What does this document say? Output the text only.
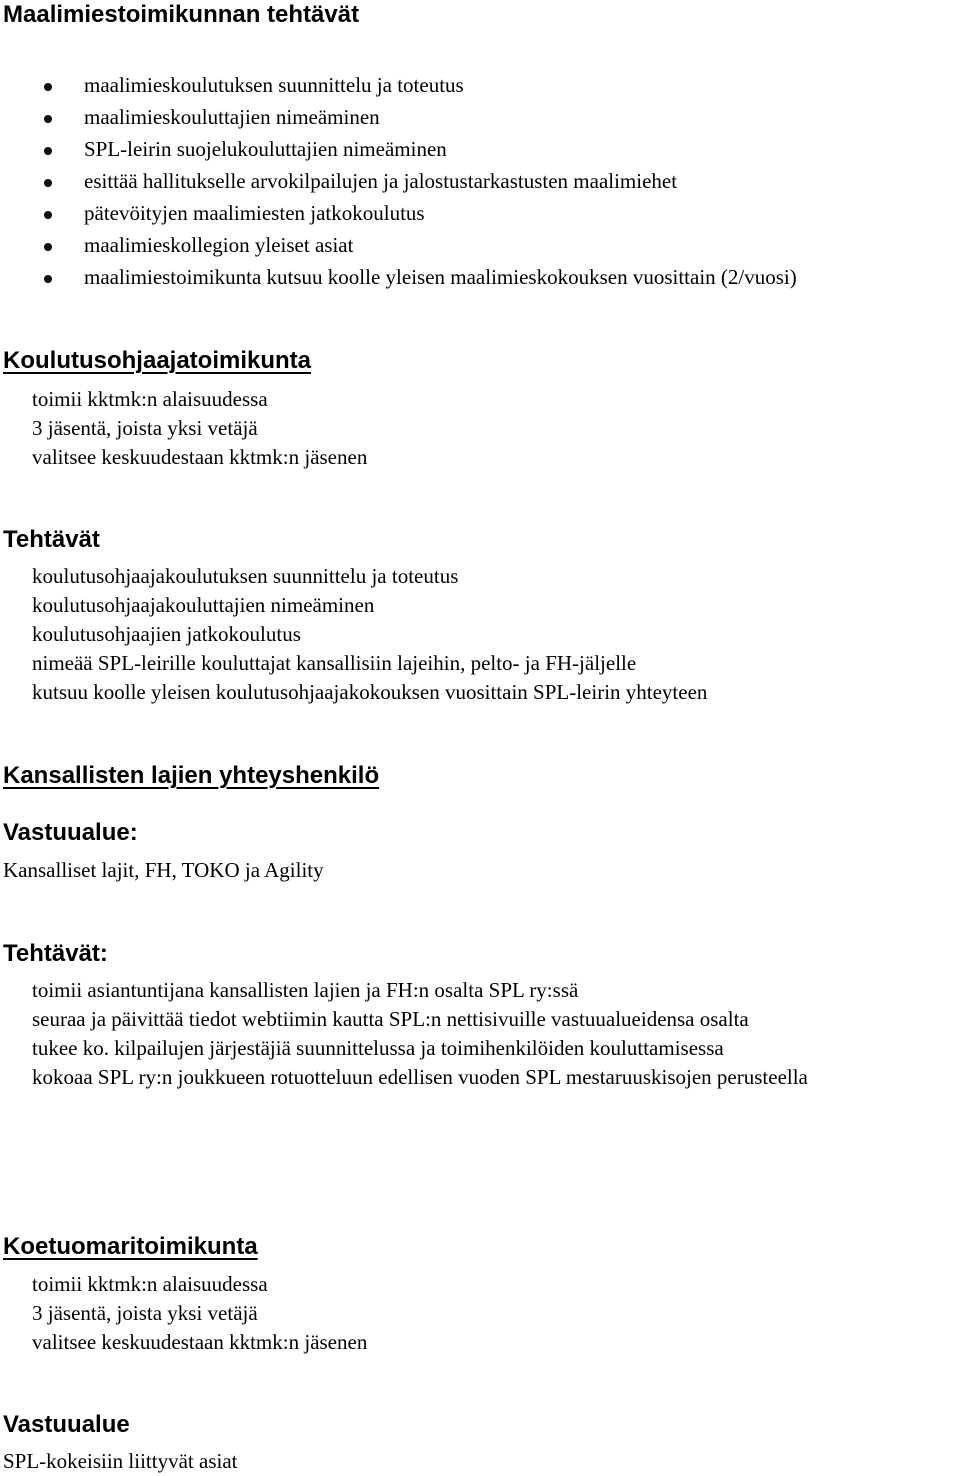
Maalimiestoimikunnan tehtävät
maalimieskoulutuksen suunnittelu ja toteutus
maalimieskouluttajien nimeäminen
SPL-leirin suojelukouluttajien nimeäminen
esittää hallitukselle arvokilpailujen ja jalostustarkastusten maalimiehet
pätevöityjen maalimiesten jatkokoulutus
maalimieskollegion yleiset asiat
maalimiestoimikunta kutsuu koolle yleisen maalimieskokouksen vuosittain (2/vuosi)
Koulutusohjaajatoimikunta
toimii kktmk:n alaisuudessa
3 jäsentä, joista yksi vetäjä
valitsee keskuudestaan kktmk:n jäsenen
Tehtävät
koulutusohjaajakoulutuksen suunnittelu ja toteutus
koulutusohjaajakouluttajien nimeäminen
koulutusohjaajien jatkokoulutus
nimeää SPL-leirille kouluttajat kansallisiin lajeihin, pelto- ja FH-jäljelle
kutsuu koolle yleisen koulutusohjaajakokouksen vuosittain SPL-leirin yhteyteen
Kansallisten lajien yhteyshenkilö
Vastuualue:
Kansalliset lajit, FH, TOKO ja Agility
Tehtävät:
toimii asiantuntijana kansallisten lajien ja FH:n osalta SPL ry:ssä
seuraa ja päivittää tiedot webtiimin kautta SPL:n nettisivuille vastuualueidensa osalta
tukee ko. kilpailujen järjestäjiä suunnittelussa ja toimihenkilöiden kouluttamisessa
kokoaa SPL ry:n joukkueen rotuotteluun edellisen vuoden SPL mestaruuskisojen perusteella
Koetuomaritoimikunta
toimii kktmk:n alaisuudessa
3 jäsentä, joista yksi vetäjä
valitsee keskuudestaan kktmk:n jäsenen
Vastuualue
SPL-kokeisiin liittyvät asiat
